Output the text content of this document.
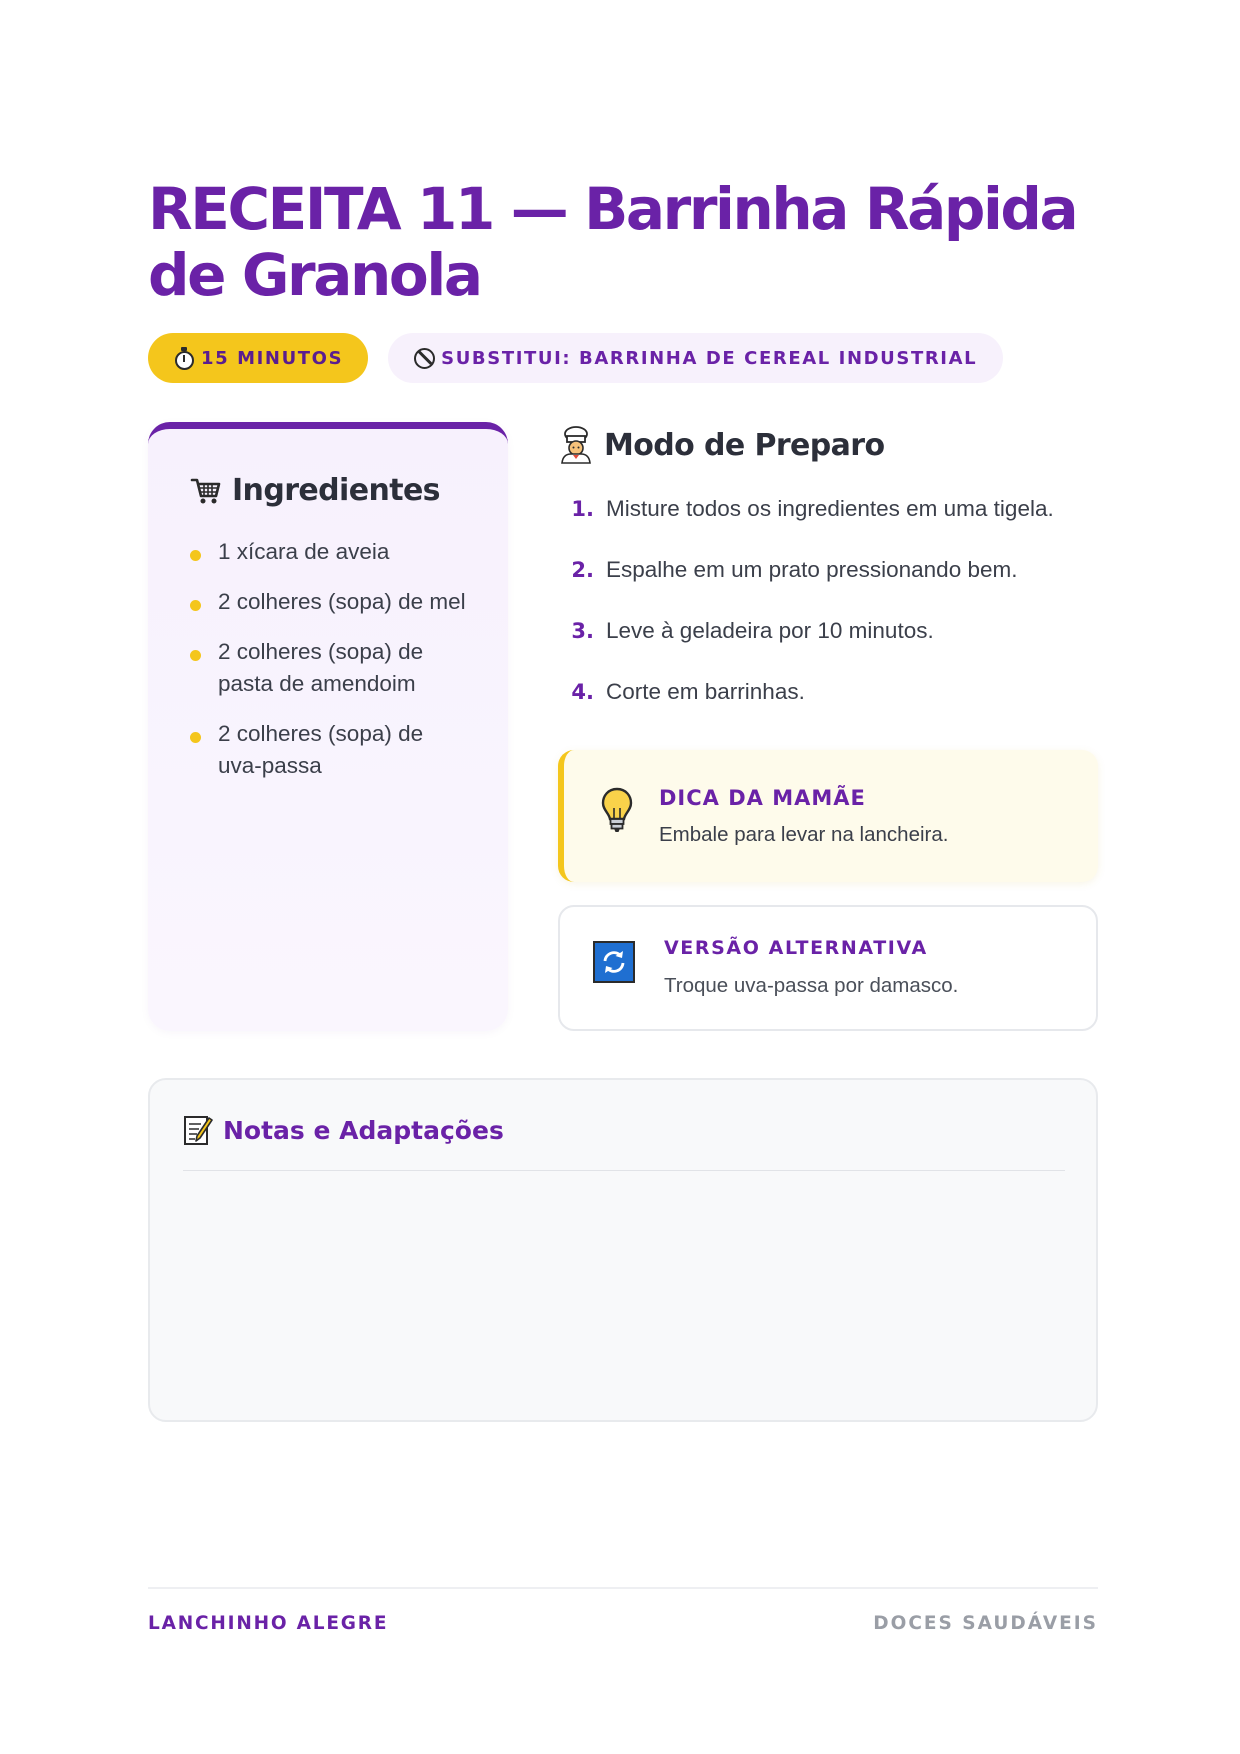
RECEITA 11 — Barrinha Rápida de Granola
15 MINUTOS	SUBSTITUI: BARRINHA DE CEREAL INDUSTRIAL
Ingredientes
1 xícara de aveia
2 colheres (sopa) de mel
2 colheres (sopa) de pasta de amendoim
2 colheres (sopa) de uva-passa
Modo de Preparo
1. Misture todos os ingredientes em uma tigela.
2. Espalhe em um prato pressionando bem.
3. Leve à geladeira por 10 minutos.
4. Corte em barrinhas.
DICA DA MAMÃE
Embale para levar na lancheira.
VERSÃO ALTERNATIVA
Troque uva-passa por damasco.
Notas e Adaptações
LANCHINHO ALEGRE	DOCES SAUDÁVEIS
